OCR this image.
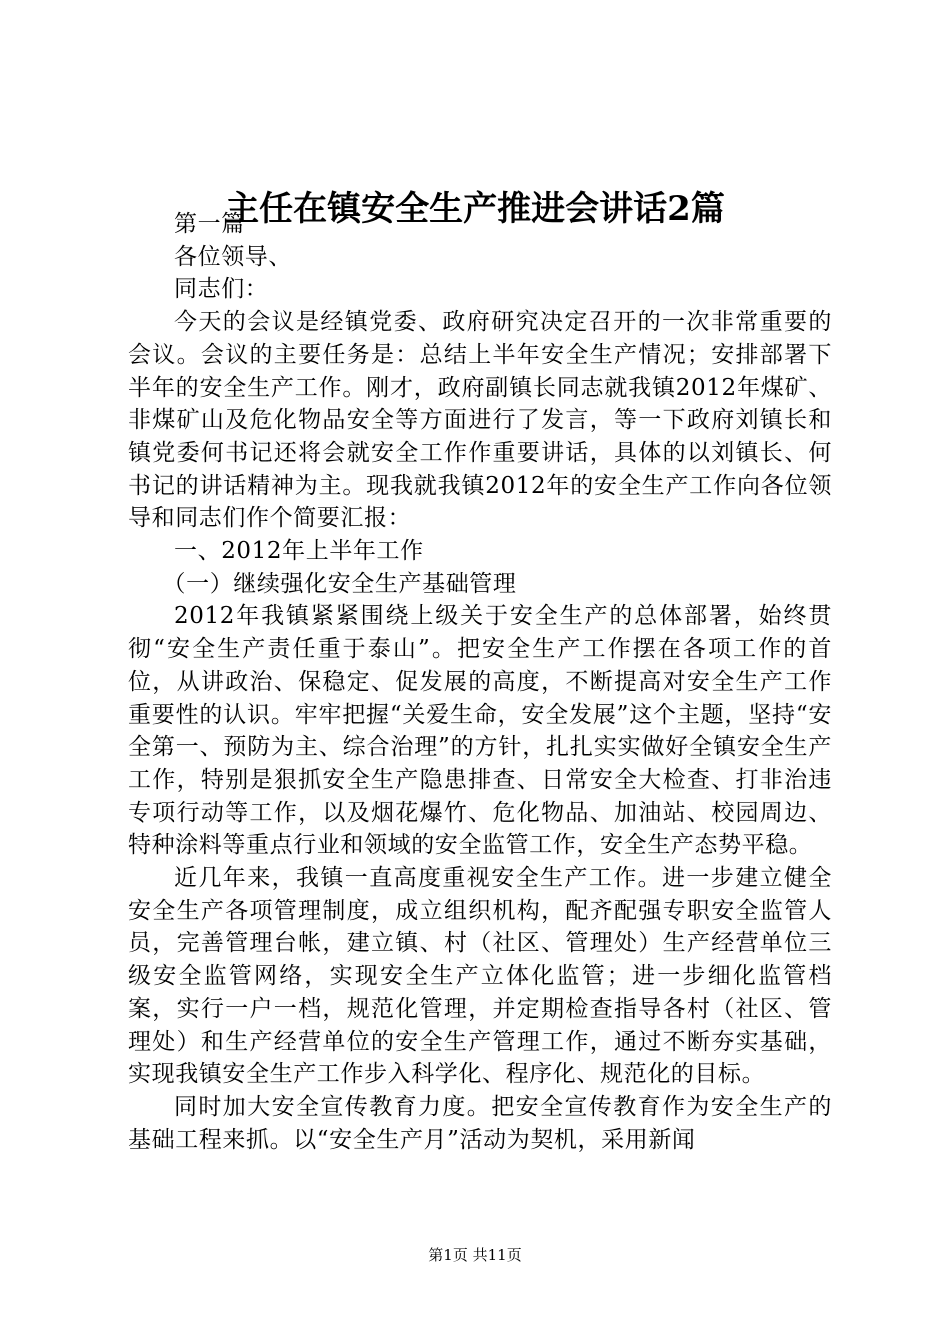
主任在镇安全生产推进会讲话2篇

第一篇

各位领导、

同志们：

今天的会议是经镇党委、政府研究决定召开的一次非常重要的会议。会议的主要任务是：总结上半年安全生产情况；安排部署下半年的安全生产工作。刚才，政府副镇长同志就我镇2012年煤矿、非煤矿山及危化物品安全等方面进行了发言，等一下政府刘镇长和镇党委何书记还将会就安全工作作重要讲话，具体的以刘镇长、何书记的讲话精神为主。现我就我镇2012年的安全生产工作向各位领导和同志们作个简要汇报：

一、2012年上半年工作

（一）继续强化安全生产基础管理

2012年我镇紧紧围绕上级关于安全生产的总体部署，始终贯彻“安全生产责任重于泰山”。把安全生产工作摆在各项工作的首位，从讲政治、保稳定、促发展的高度，不断提高对安全生产工作重要性的认识。牢牢把握“关爱生命，安全发展”这个主题，坚持“安全第一、预防为主、综合治理”的方针，扎扎实实做好全镇安全生产工作，特别是狠抓安全生产隐患排查、日常安全大检查、打非治违专项行动等工作，以及烟花爆竹、危化物品、加油站、校园周边、特种涂料等重点行业和领域的安全监管工作，安全生产态势平稳。

近几年来，我镇一直高度重视安全生产工作。进一步建立健全安全生产各项管理制度，成立组织机构，配齐配强专职安全监管人员，完善管理台帐，建立镇、村（社区、管理处）生产经营单位三级安全监管网络，实现安全生产立体化监管；进一步细化监管档案，实行一户一档，规范化管理，并定期检查指导各村（社区、管理处）和生产经营单位的安全生产管理工作，通过不断夯实基础，实现我镇安全生产工作步入科学化、程序化、规范化的目标。

同时加大安全宣传教育力度。把安全宣传教育作为安全生产的基础工程来抓。以“安全生产月”活动为契机，采用新闻

第1页 共11页
